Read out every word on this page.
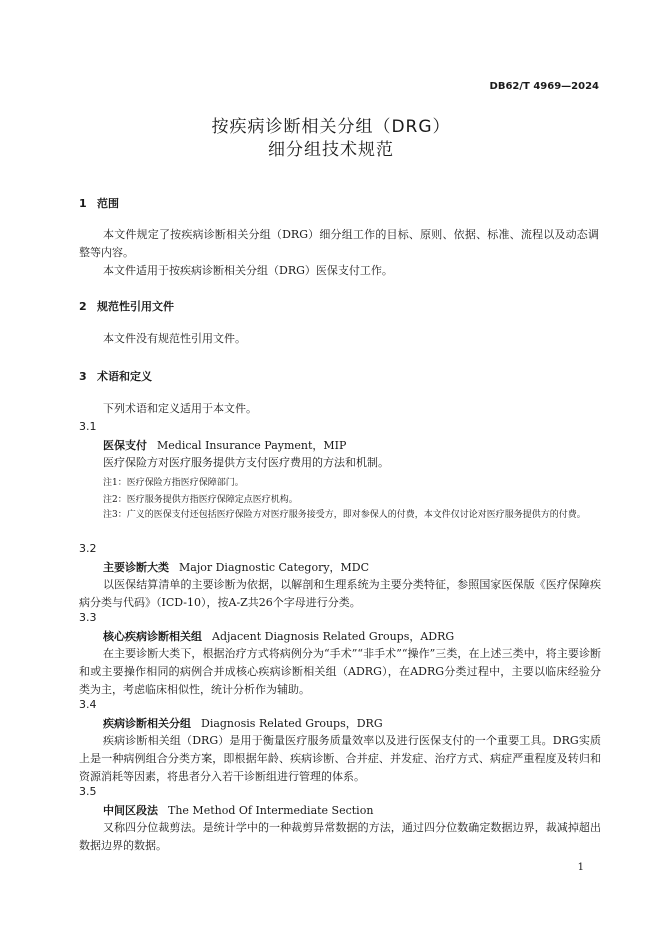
DB62/T 4969—2024
按疾病诊断相关分组（DRG）
细分组技术规范
1 范围
本文件规定了按疾病诊断相关分组（DRG）细分组工作的目标、原则、依据、标准、流程以及动态调整等内容。
本文件适用于按疾病诊断相关分组（DRG）医保支付工作。
2 规范性引用文件
本文件没有规范性引用文件。
3 术语和定义
下列术语和定义适用于本文件。
3.1
医保支付 Medical Insurance Payment，MIP
医疗保险方对医疗服务提供方支付医疗费用的方法和机制。
注1：医疗保险方指医疗保障部门。
注2：医疗服务提供方指医疗保障定点医疗机构。
注3：广义的医保支付还包括医疗保险方对医疗服务接受方，即对参保人的付费，本文件仅讨论对医疗服务提供方的付费。
3.2
主要诊断大类 Major Diagnostic Category，MDC
以医保结算清单的主要诊断为依据，以解剖和生理系统为主要分类特征，参照国家医保版《医疗保障疾病分类与代码》（ICD-10），按A-Z共26个字母进行分类。
3.3
核心疾病诊断相关组 Adjacent Diagnosis Related Groups，ADRG
在主要诊断大类下，根据治疗方式将病例分为“手术”“非手术”“操作”三类，在上述三类中，将主要诊断和或主要操作相同的病例合并成核心疾病诊断相关组（ADRG），在ADRG分类过程中，主要以临床经验分类为主，考虑临床相似性，统计分析作为辅助。
3.4
疾病诊断相关分组 Diagnosis Related Groups，DRG
疾病诊断相关组（DRG）是用于衡量医疗服务质量效率以及进行医保支付的一个重要工具。DRG实质上是一种病例组合分类方案，即根据年龄、疾病诊断、合并症、并发症、治疗方式、病症严重程度及转归和资源消耗等因素，将患者分入若干诊断组进行管理的体系。
3.5
中间区段法 The Method Of Intermediate Section
又称四分位裁剪法。是统计学中的一种裁剪异常数据的方法，通过四分位数确定数据边界，裁减掉超出数据边界的数据。
1
